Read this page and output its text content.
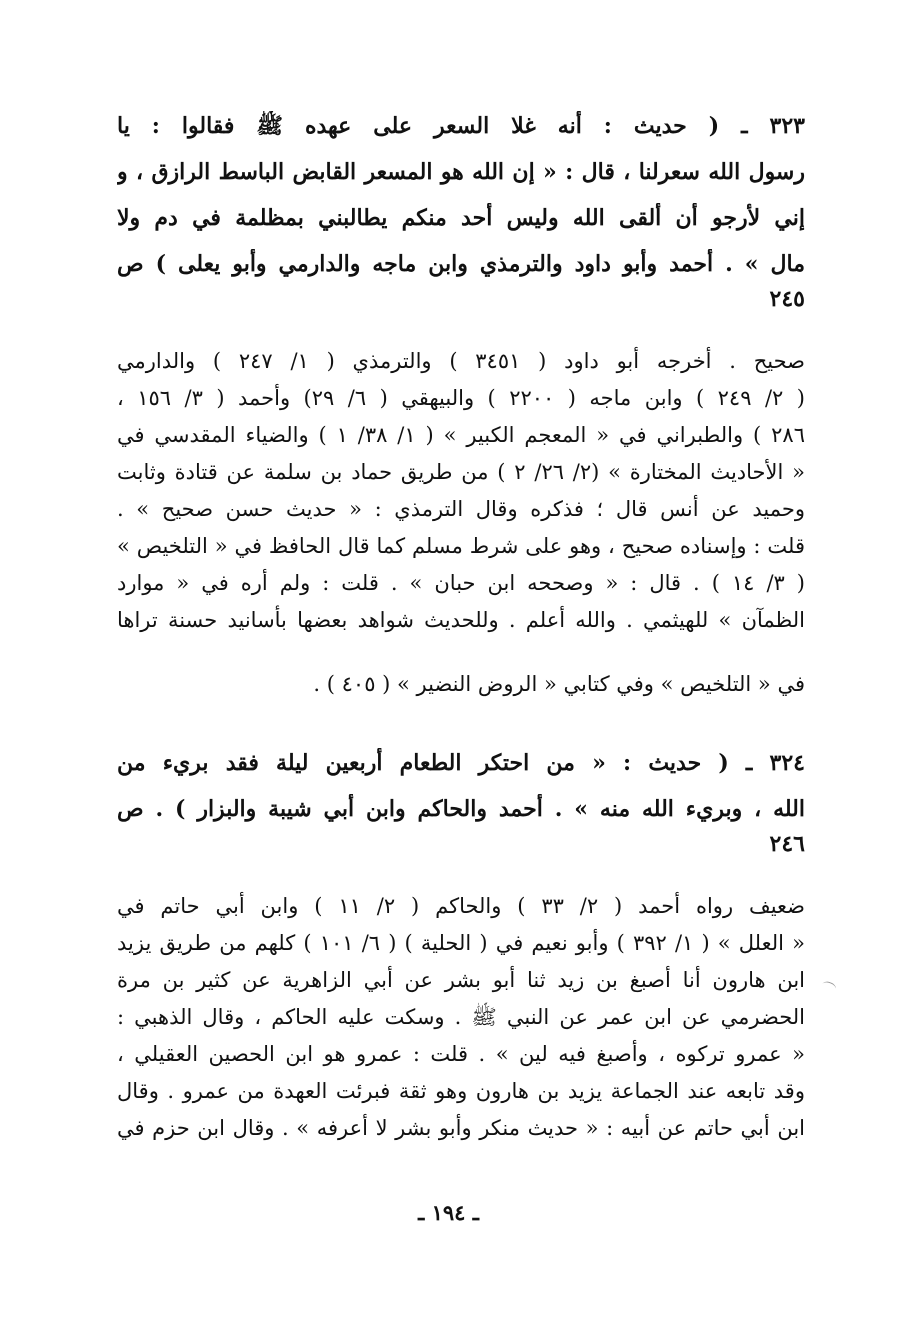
٣٢٣ ـ ( حديث : أنه غلا السعر على عهده ﷺ فقالوا : يا
رسول الله سعرلنا ، قال : « إن الله هو المسعر القابض الباسط الرازق ، و
إني لأرجو أن ألقى الله وليس أحد منكم يطالبني بمظلمة في دم ولا
مال » . أحمد وأبو داود والترمذي وابن ماجه والدارمي وأبو يعلى ) ص
٢٤٥
صحيح . أخرجه أبو داود ( ٣٤٥١ ) والترمذي ( ١/ ٢٤٧ ) والدارمي
( ٢/ ٢٤٩ ) وابن ماجه ( ٢٢٠٠ ) والبيهقي ( ٦/ ٢٩) وأحمد ( ٣/ ١٥٦ ،
٢٨٦ ) والطبراني في « المعجم الكبير » ( ١/ ٣٨/ ١ ) والضياء المقدسي في
« الأحاديث المختارة » (٢/ ٢٦/ ٢ ) من طريق حماد بن سلمة عن قتادة وثابت
وحميد عن أنس قال ؛ فذكره وقال الترمذي : « حديث حسن صحيح » .
قلت : وإسناده صحيح ، وهو على شرط مسلم كما قال الحافظ في « التلخيص »
( ٣/ ١٤ ) . قال : « وصححه ابن حبان » . قلت : ولم أره في « موارد
الظمآن » للهيثمي . والله أعلم . وللحديث شواهد بعضها بأسانيد حسنة تراها
في « التلخيص » وفي كتابي « الروض النضير » ( ٤٠٥ ) .
٣٢٤ ـ ( حديث : « من احتكر الطعام أربعين ليلة فقد بريء من
الله ، وبريء الله منه » . أحمد والحاكم وابن أبي شيبة والبزار ) . ص
٢٤٦
ضعيف رواه أحمد ( ٢/ ٣٣ ) والحاكم ( ٢/ ١١ ) وابن أبي حاتم في
« العلل » ( ١/ ٣٩٢ ) وأبو نعيم في ( الحلية ) ( ٦/ ١٠١ ) كلهم من طريق يزيد
ابن هارون أنا أصبغ بن زيد ثنا أبو بشر عن أبي الزاهرية عن كثير بن مرة
الحضرمي عن ابن عمر عن النبي ﷺ . وسكت عليه الحاكم ، وقال الذهبي :
« عمرو تركوه ، وأصبغ فيه لين » . قلت : عمرو هو ابن الحصين العقيلي ،
وقد تابعه عند الجماعة يزيد بن هارون وهو ثقة فبرئت العهدة من عمرو . وقال
ابن أبي حاتم عن أبيه : « حديث منكر وأبو بشر لا أعرفه » . وقال ابن حزم في
ـ ١٩٤ ـ
